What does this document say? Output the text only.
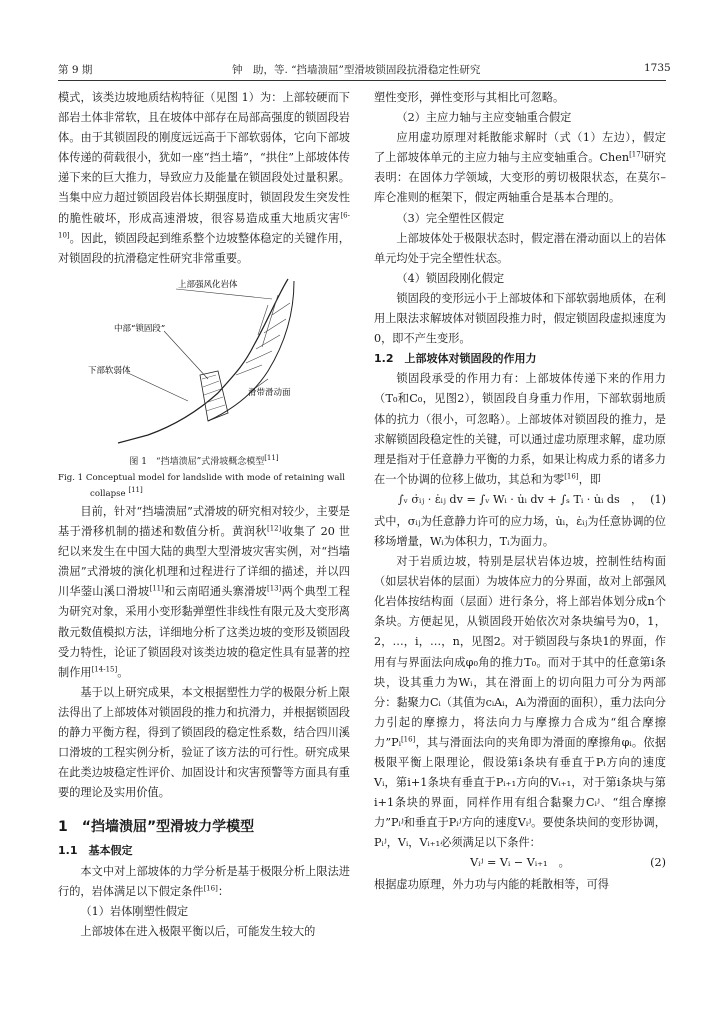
第 9 期	钟　助，等. “挡墙溃屈”型滑坡锁固段抗滑稳定性研究	1735

模式，该类边坡地质结构特征（见图 1）为：上部较硬而下部岩土体非常软，且在坡体中部存在局部高强度的锁固段岩体。由于其锁固段的刚度远远高于下部软弱体，它向下部坡体传递的荷载很小，犹如一座“挡土墙”，“拱住”上部坡体传递下来的巨大推力，导致应力及能量在锁固段处过量积累。当集中应力超过锁固段岩体长期强度时，锁固段发生突发性的脆性破坏，形成高速滑坡，很容易造成重大地质灾害[6-10]。因此，锁固段起到维系整个边坡整体稳定的关键作用，对锁固段的抗滑稳定性研究非常重要。

上部强风化岩体
中部“锁固段”
下部软弱体
滑带滑动面
图 1　“挡墙溃屈”式滑坡概念模型[11]
Fig. 1 Conceptual model for landslide with mode of retaining wall
collapse [11]

目前，针对“挡墙溃屈”式滑坡的研究相对较少，主要是基于滑移机制的描述和数值分析。黄润秋[12]收集了 20 世纪以来发生在中国大陆的典型大型滑坡灾害实例，对“挡墙溃屈”式滑坡的演化机理和过程进行了详细的描述，并以四川华蓥山溪口滑坡[11]和云南昭通头寨滑坡[13]两个典型工程为研究对象，采用小变形黏弹塑性非线性有限元及大变形离散元数值模拟方法，详细地分析了这类边坡的变形及锁固段受力特性，论证了锁固段对该类边坡的稳定性具有显著的控制作用[14-15]。

基于以上研究成果，本文根据塑性力学的极限分析上限法得出了上部坡体对锁固段的推力和抗滑力，并根据锁固段的静力平衡方程，得到了锁固段的稳定性系数，结合四川溪口滑坡的工程实例分析，验证了该方法的可行性。研究成果在此类边坡稳定性评价、加固设计和灾害预警等方面具有重要的理论及实用价值。

1　“挡墙溃屈”型滑坡力学模型
1.1　基本假定

本文中对上部坡体的力学分析是基于极限分析上限法进行的，岩体满足以下假定条件[16]：

（1）岩体刚塑性假定

上部坡体在进入极限平衡以后，可能发生较大的

塑性变形，弹性变形与其相比可忽略。

（2）主应力轴与主应变轴重合假定

应用虚功原理对耗散能求解时（式（1）左边），假定了上部坡体单元的主应力轴与主应变轴重合。Chen[17]研究表明：在固体力学领域，大变形的剪切极限状态，在莫尔–库仑准则的框架下，假定两轴重合是基本合理的。

（3）完全塑性区假定

上部坡体处于极限状态时，假定潜在滑动面以上的岩体单元均处于完全塑性状态。

（4）锁固段刚化假定

锁固段的变形远小于上部坡体和下部软弱地质体，在利用上限法求解坡体对锁固段推力时，假定锁固段虚拟速度为 0，即不产生变形。

1.2　上部坡体对锁固段的作用力

锁固段承受的作用力有：上部坡体传递下来的作用力（T₀和C₀，见图2），锁固段自身重力作用，下部软弱地质体的抗力（很小，可忽略）。上部坡体对锁固段的推力，是求解锁固段稳定性的关键，可以通过虚功原理求解，虚功原理是指对于任意静力平衡的力系，如果让构成力系的诸多力在一个协调的位移上做功，其总和为零[16]，即

∫ᵥ σ̇ᵢⱼ · ε̇ᵢⱼ dv = ∫ᵥ Wᵢ · u̇ᵢ dv + ∫ₛ Tᵢ · u̇ᵢ ds　， (1)

式中，σᵢⱼ为任意静力许可的应力场，u̇ᵢ，ε̇ᵢⱼ为任意协调的位移场增量，Wᵢ为体积力，Tᵢ为面力。

对于岩质边坡，特别是层状岩体边坡，控制性结构面（如层状岩体的层面）为坡体应力的分界面，故对上部强风化岩体按结构面（层面）进行条分，将上部岩体划分成n个条块。方便起见，从锁固段开始依次对条块编号为0，1，2，…，i，…，n，见图2。对于锁固段与条块1的界面，作用有与界面法向成φ₀角的推力T₀。而对于其中的任意第i条块，设其重力为Wᵢ，其在滑面上的切向阻力可分为两部分：黏聚力Cᵢ（其值为cᵢAᵢ，Aᵢ为滑面的面积），重力法向分力引起的摩擦力，将法向力与摩擦力合成为“组合摩擦力”Pᵢ[16]，其与滑面法向的夹角即为滑面的摩擦角φᵢ。依据极限平衡上限理论，假设第i条块有垂直于Pᵢ方向的速度Vᵢ，第i+1条块有垂直于Pᵢ₊₁方向的Vᵢ₊₁，对于第i条块与第i+1条块的界面，同样作用有组合黏聚力Cᵢʲ、“组合摩擦力”Pᵢʲ和垂直于Pᵢʲ方向的速度Vᵢʲ。要使条块间的变形协调，Pᵢʲ，Vᵢ，Vᵢ₊₁必须满足以下条件：

Vᵢʲ = Vᵢ − Vᵢ₊₁　。	(2)

根据虚功原理，外力功与内能的耗散相等，可得
